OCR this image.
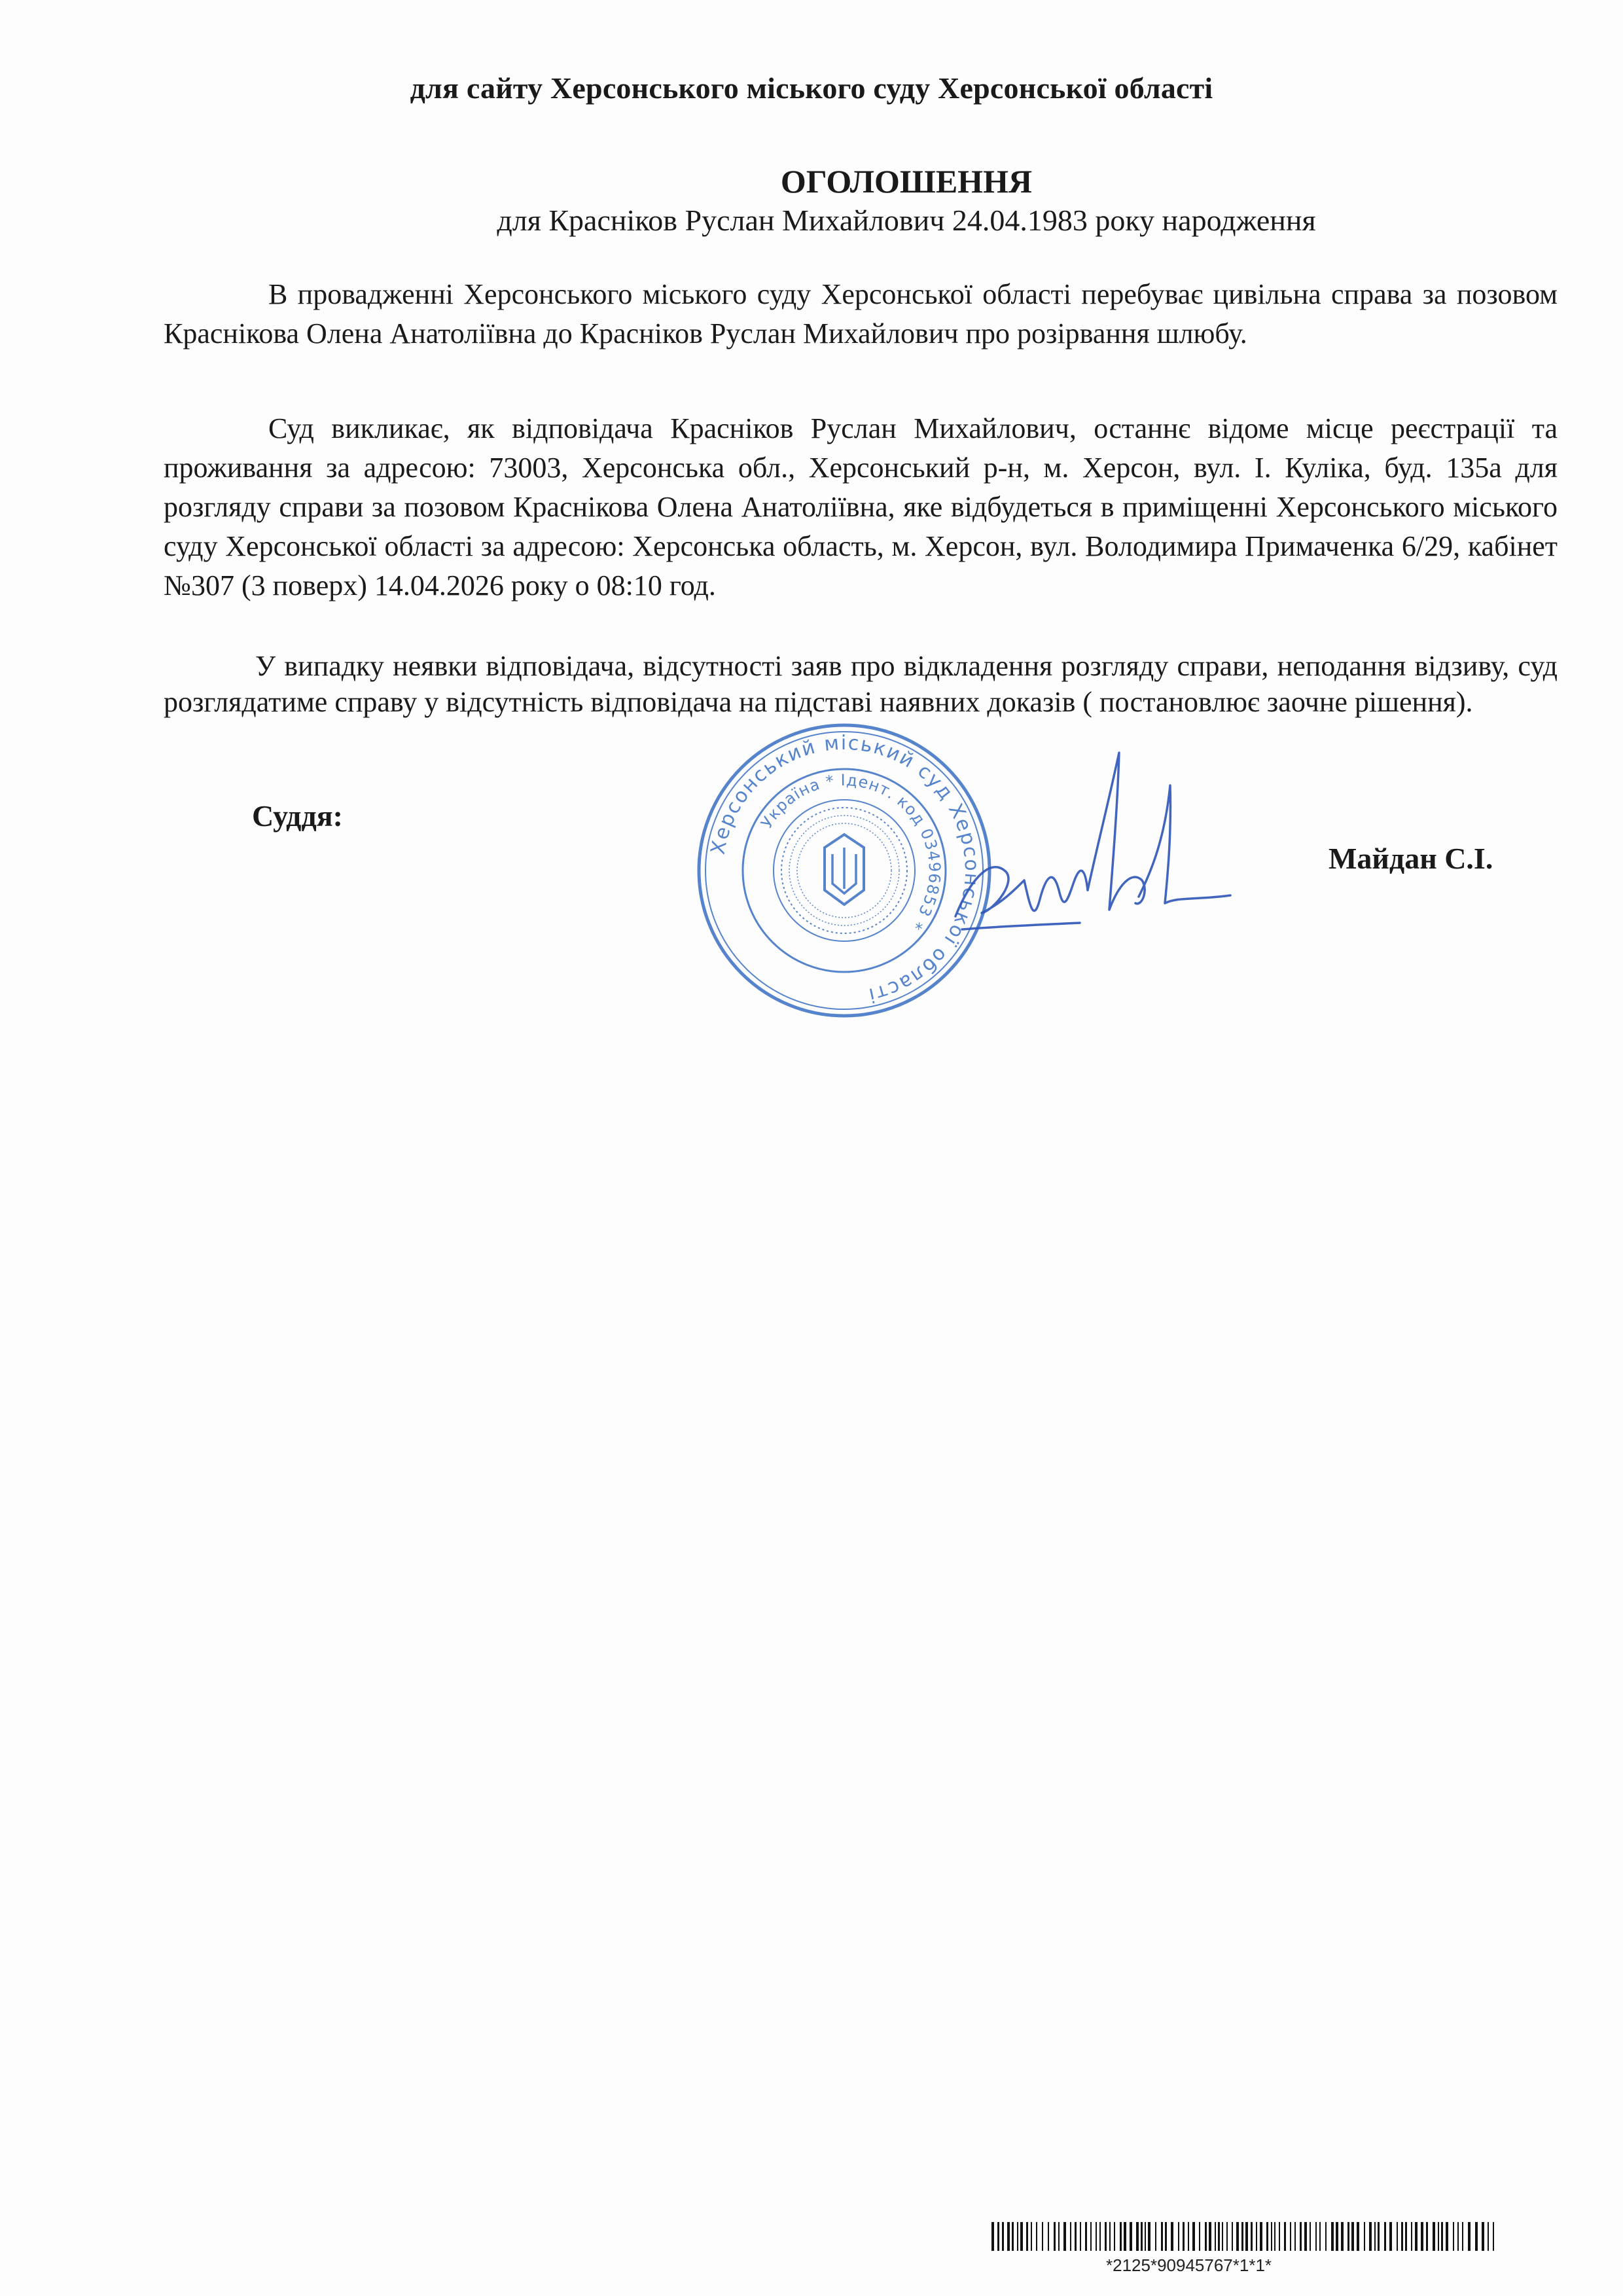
для сайту Херсонського міського суду Херсонської області
ОГОЛОШЕННЯ
для Красніков Руслан Михайлович 24.04.1983 року народження
В провадженні Херсонського міського суду Херсонської області перебуває цивільна справа за позовом Краснікова Олена Анатоліївна до Красніков Руслан Михайлович про розірвання шлюбу.
Суд викликає, як відповідача Красніков Руслан Михайлович, останнє відоме місце реєстрації та проживання за адресою: 73003, Херсонська обл., Херсонський р-н, м. Херсон, вул. І. Куліка, буд. 135а для розгляду справи за позовом Краснікова Олена Анатоліївна, яке відбудеться в приміщенні Херсонського міського суду Херсонської області за адресою: Херсонська область, м. Херсон, вул. Володимира Примаченка 6/29, кабінет №307 (3 поверх) 14.04.2026 року о 08:10 год.
У випадку неявки відповідача, відсутності заяв про відкладення розгляду справи, неподання відзиву, суд розглядатиме справу у відсутність відповідача на підставі наявних доказів ( постановлює заочне рішення).
Суддя:
Майдан С.І.
Херсонський міський суд Херсонської області
Україна * Ідент. код 03496853 *
*2125*90945767*1*1*
